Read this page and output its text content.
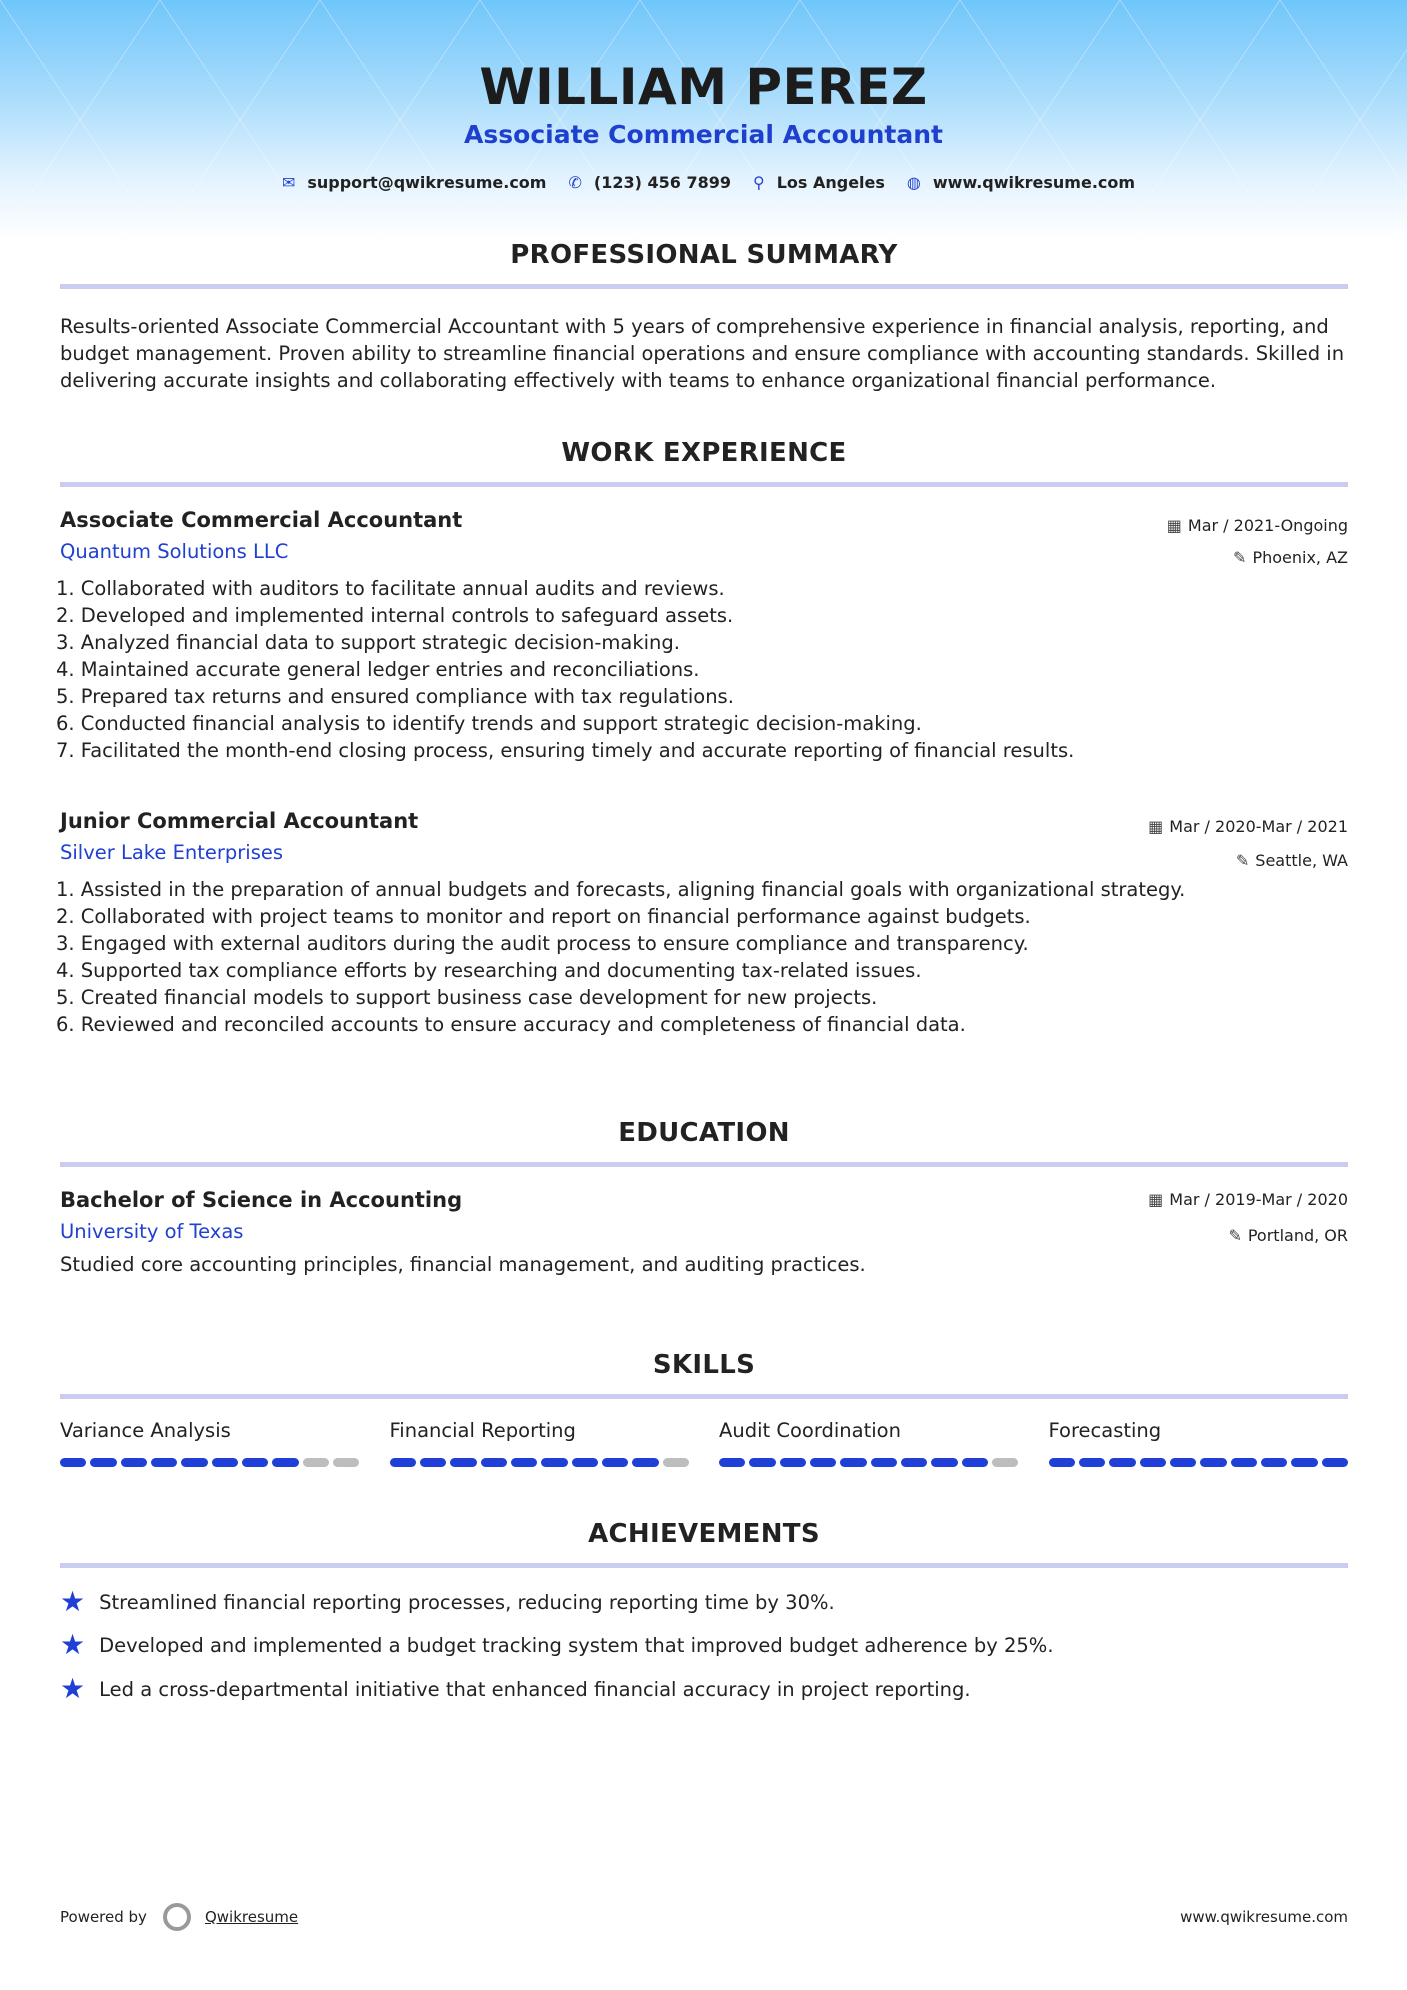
WILLIAM PEREZ
Associate Commercial Accountant
✉ support@qwikresume.com ✆ (123) 456 7899 ⚲ Los Angeles ◍ www.qwikresume.com
PROFESSIONAL SUMMARY
Results-oriented Associate Commercial Accountant with 5 years of comprehensive experience in financial analysis, reporting, and budget management. Proven ability to streamline financial operations and ensure compliance with accounting standards. Skilled in delivering accurate insights and collaborating effectively with teams to enhance organizational financial performance.
WORK EXPERIENCE
▦ Mar / 2021-Ongoing
✎ Phoenix, AZ
Associate Commercial Accountant
Quantum Solutions LLC
1. Collaborated with auditors to facilitate annual audits and reviews.
2. Developed and implemented internal controls to safeguard assets.
3. Analyzed financial data to support strategic decision-making.
4. Maintained accurate general ledger entries and reconciliations.
5. Prepared tax returns and ensured compliance with tax regulations.
6. Conducted financial analysis to identify trends and support strategic decision-making.
7. Facilitated the month-end closing process, ensuring timely and accurate reporting of financial results.
▦ Mar / 2020-Mar / 2021
✎ Seattle, WA
Junior Commercial Accountant
Silver Lake Enterprises
1. Assisted in the preparation of annual budgets and forecasts, aligning financial goals with organizational strategy.
2. Collaborated with project teams to monitor and report on financial performance against budgets.
3. Engaged with external auditors during the audit process to ensure compliance and transparency.
4. Supported tax compliance efforts by researching and documenting tax-related issues.
5. Created financial models to support business case development for new projects.
6. Reviewed and reconciled accounts to ensure accuracy and completeness of financial data.
EDUCATION
▦ Mar / 2019-Mar / 2020
✎ Portland, OR
Bachelor of Science in Accounting
University of Texas
Studied core accounting principles, financial management, and auditing practices.
SKILLS
Variance Analysis	Financial Reporting	Audit Coordination	Forecasting
ACHIEVEMENTS
★ Streamlined financial reporting processes, reducing reporting time by 30%.
★ Developed and implemented a budget tracking system that improved budget adherence by 25%.
★ Led a cross-departmental initiative that enhanced financial accuracy in project reporting.
Powered by	Qwikresume	www.qwikresume.com
